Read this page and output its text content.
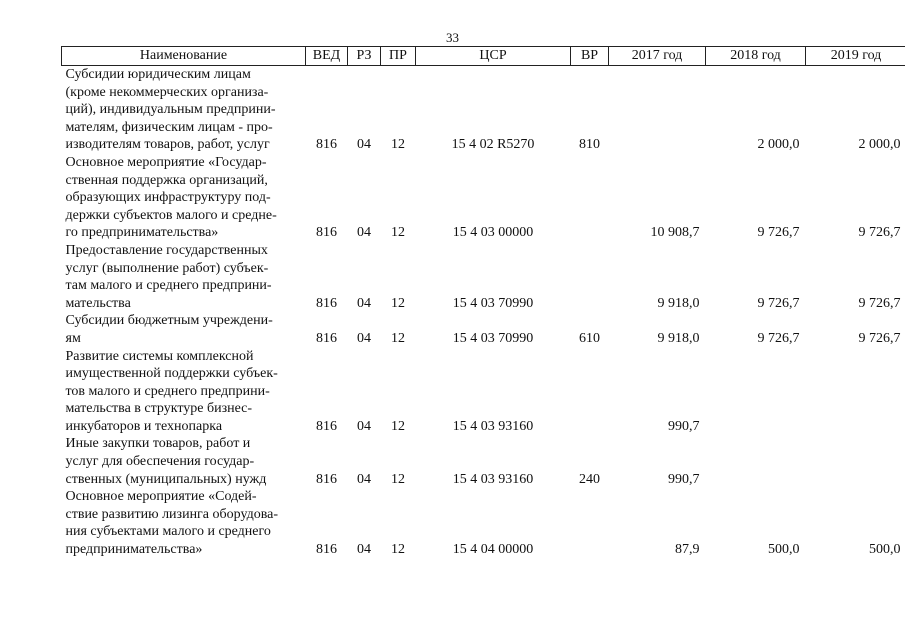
33
Наименование	ВЕД	РЗ	ПР	ЦСР	ВР	2017 год	2018 год	2019 год
Субсидии юридическим лицам
(кроме некоммерческих организа-
ций), индивидуальным предприни-
мателям, физическим лицам - про-
изводителям товаров, работ, услуг	816	04	12	15 4 02 R5270	810		2 000,0	2 000,0
Основное мероприятие «Государ-
ственная поддержка организаций,
образующих инфраструктуру под-
держки субъектов малого и средне-
го предпринимательства»	816	04	12	15 4 03 00000		10 908,7	9 726,7	9 726,7
Предоставление государственных
услуг (выполнение работ) субъек-
там малого и среднего предприни-
мательства	816	04	12	15 4 03 70990		9 918,0	9 726,7	9 726,7
Субсидии бюджетным учреждени-
ям	816	04	12	15 4 03 70990	610	9 918,0	9 726,7	9 726,7
Развитие системы комплексной
имущественной поддержки субъек-
тов малого и среднего предприни-
мательства в структуре бизнес-
инкубаторов и технопарка	816	04	12	15 4 03 93160		990,7		
Иные закупки товаров, работ и
услуг для обеспечения государ-
ственных (муниципальных) нужд	816	04	12	15 4 03 93160	240	990,7		
Основное мероприятие «Содей-
ствие развитию лизинга оборудова-
ния субъектами малого и среднего
предпринимательства»	816	04	12	15 4 04 00000		87,9	500,0	500,0
